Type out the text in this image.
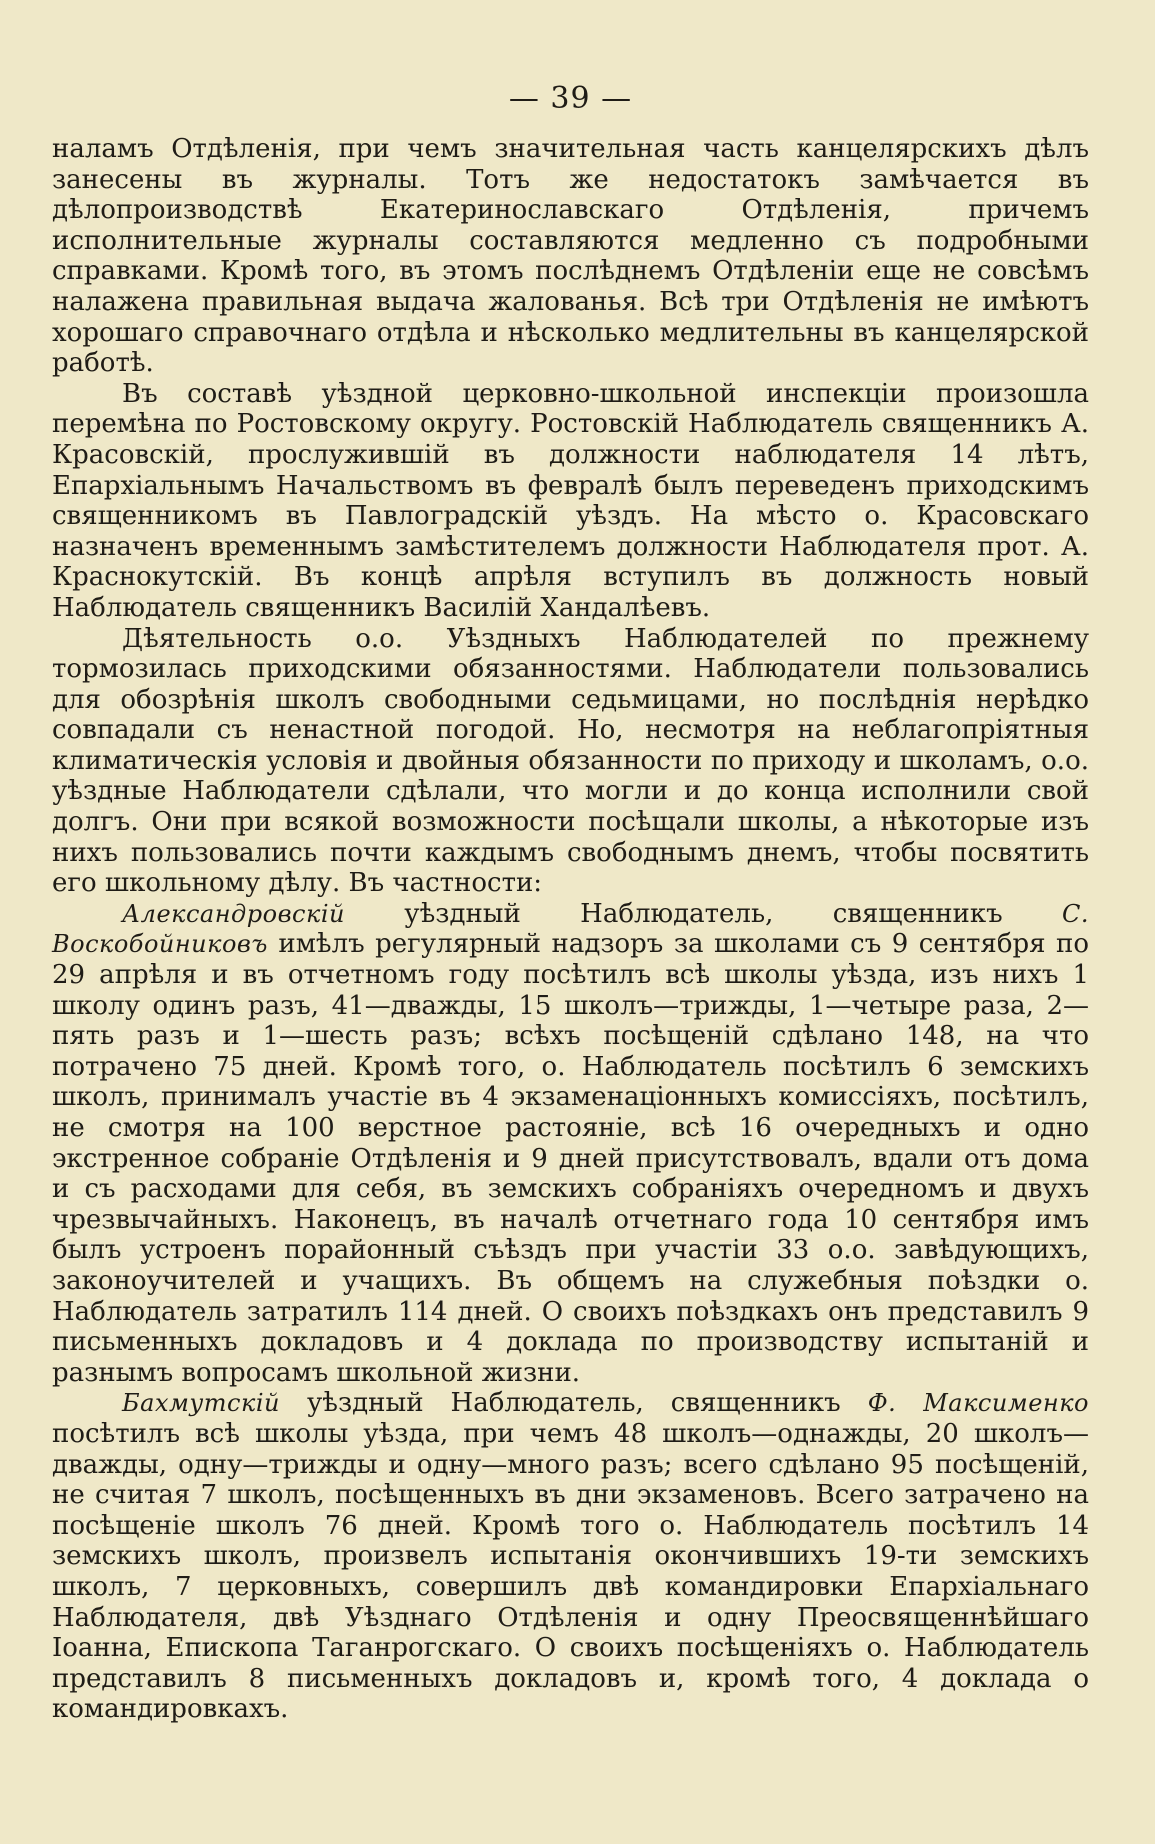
— 39 —

наламъ Отдѣленія, при чемъ значительная часть канцелярскихъ дѣлъ занесены въ журналы. Тотъ же недостатокъ замѣчается въ дѣлопроизводствѣ Екатеринославскаго Отдѣленія, причемъ исполнительные журналы составляются медленно съ подробными справками. Кромѣ того, въ этомъ послѣднемъ Отдѣленіи еще не совсѣмъ налажена правильная выдача жалованья. Всѣ три Отдѣленія не имѣютъ хорошаго справочнаго отдѣла и нѣсколько медлительны въ канцелярской работѣ.

Въ составѣ уѣздной церковно-школьной инспекціи произошла перемѣна по Ростовскому округу. Ростовскій Наблюдатель священникъ А. Красовскій, прослужившій въ должности наблюдателя 14 лѣтъ, Епархіальнымъ Начальствомъ въ февралѣ былъ переведенъ приходскимъ священникомъ въ Павлоградскій уѣздъ. На мѣсто о. Красовскаго назначенъ временнымъ замѣстителемъ должности Наблюдателя прот. А. Краснокутскій. Въ концѣ апрѣля вступилъ въ должность новый Наблюдатель священникъ Василій Хандалѣевъ.

Дѣятельность о.о. Уѣздныхъ Наблюдателей по прежнему тормозилась приходскими обязанностями. Наблюдатели пользовались для обозрѣнія школъ свободными седьмицами, но послѣднія нерѣдко совпадали съ ненастной погодой. Но, несмотря на неблагопріятныя климатическія условія и двойныя обязанности по приходу и школамъ, о.о. уѣздные Наблюдатели сдѣлали, что могли и до конца исполнили свой долгъ. Они при всякой возможности посѣщали школы, а нѣкоторые изъ нихъ пользовались почти каждымъ свободнымъ днемъ, чтобы посвятить его школьному дѣлу. Въ частности:

Александровскій уѣздный Наблюдатель, священникъ С. Воскобойниковъ имѣлъ регулярный надзоръ за школами съ 9 сентября по 29 апрѣля и въ отчетномъ году посѣтилъ всѣ школы уѣзда, изъ нихъ 1 школу одинъ разъ, 41—дважды, 15 школъ—трижды, 1—четыре раза, 2—пять разъ и 1—шесть разъ; всѣхъ посѣщеній сдѣлано 148, на что потрачено 75 дней. Кромѣ того, о. Наблюдатель посѣтилъ 6 земскихъ школъ, принималъ участіе въ 4 экзаменаціонныхъ комиссіяхъ, посѣтилъ, не смотря на 100 верстное растояніе, всѣ 16 очередныхъ и одно экстренное собраніе Отдѣленія и 9 дней присутствовалъ, вдали отъ дома и съ расходами для себя, въ земскихъ собраніяхъ очередномъ и двухъ чрезвычайныхъ. Наконецъ, въ началѣ отчетнаго года 10 сентября имъ былъ устроенъ порайонный съѣздъ при участіи 33 о.о. завѣдующихъ, законоучителей и учащихъ. Въ общемъ на служебныя поѣздки о. Наблюдатель затратилъ 114 дней. О своихъ поѣздкахъ онъ представилъ 9 письменныхъ докладовъ и 4 доклада по производству испытаній и разнымъ вопросамъ школьной жизни.

Бахмутскій уѣздный Наблюдатель, священникъ Ф. Максименко посѣтилъ всѣ школы уѣзда, при чемъ 48 школъ—однажды, 20 школъ—дважды, одну—трижды и одну—много разъ; всего сдѣлано 95 посѣщеній, не считая 7 школъ, посѣщенныхъ въ дни экзаменовъ. Всего затрачено на посѣщеніе школъ 76 дней. Кромѣ того о. Наблюдатель посѣтилъ 14 земскихъ школъ, произвелъ испытанія окончившихъ 19-ти земскихъ школъ, 7 церковныхъ, совершилъ двѣ командировки Епархіальнаго Наблюдателя, двѣ Уѣзднаго Отдѣленія и одну Преосвященнѣйшаго Іоанна, Епископа Таганрогскаго. О своихъ посѣщеніяхъ о. Наблюдатель представилъ 8 письменныхъ докладовъ и, кромѣ того, 4 доклада о командировкахъ.
